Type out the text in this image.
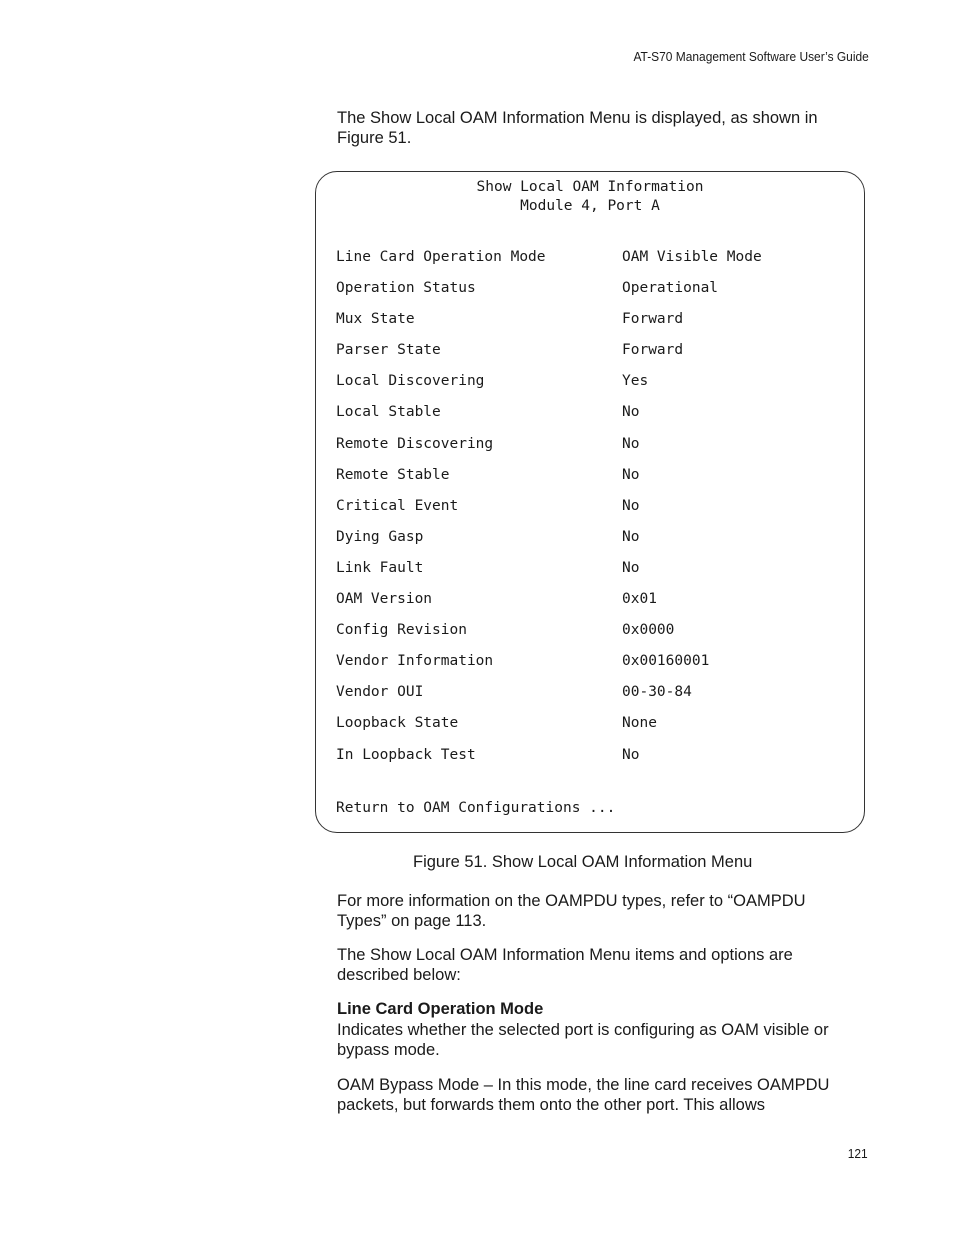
AT-S70 Management Software User’s Guide

The Show Local OAM Information Menu is displayed, as shown in Figure 51.

Show Local OAM Information
Module 4, Port A
Line Card Operation Mode	OAM Visible Mode
Operation Status	Operational
Mux State	Forward
Parser State	Forward
Local Discovering	Yes
Local Stable	No
Remote Discovering	No
Remote Stable	No
Critical Event	No
Dying Gasp	No
Link Fault	No
OAM Version	0x01
Config Revision	0x0000
Vendor Information	0x00160001
Vendor OUI	00-30-84
Loopback State	None
In Loopback Test	No
Return to OAM Configurations ...
Figure 51. Show Local OAM Information Menu

For more information on the OAMPDU types, refer to “OAMPDU Types” on page 113.

The Show Local OAM Information Menu items and options are described below:

Line Card Operation Mode

Indicates whether the selected port is configuring as OAM visible or bypass mode.

OAM Bypass Mode – In this mode, the line card receives OAMPDU packets, but forwards them onto the other port. This allows

121
